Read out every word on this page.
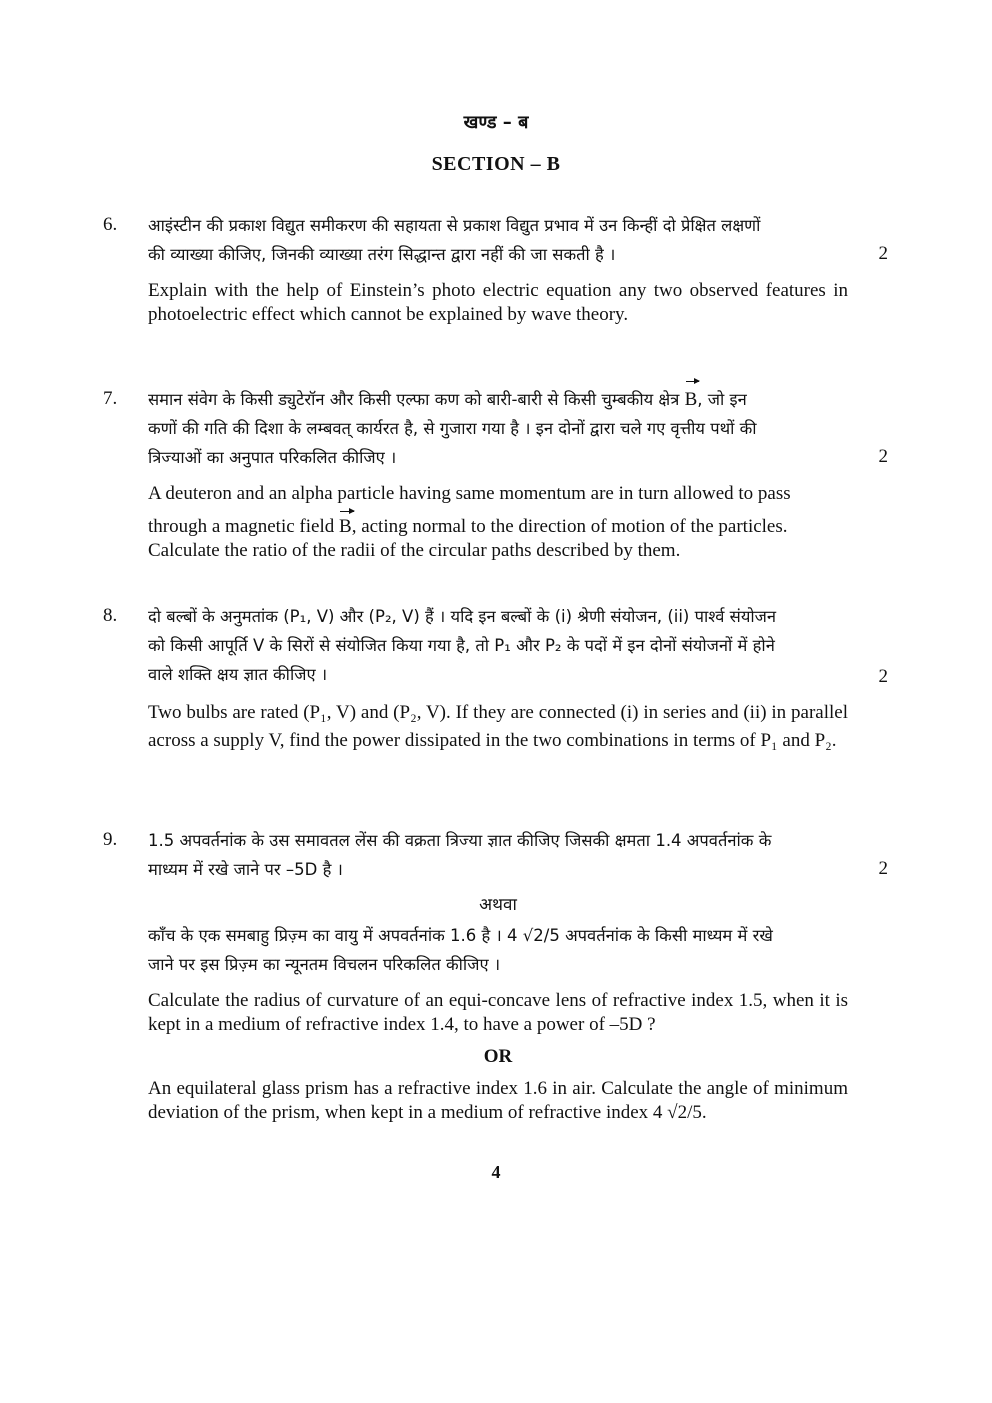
खण्ड – ब
SECTION – B
6. आइंस्टीन की प्रकाश विद्युत समीकरण की सहायता से प्रकाश विद्युत प्रभाव में उन किन्हीं दो प्रेक्षित लक्षणों

की व्याख्या कीजिए, जिनकी व्याख्या तरंग सिद्धान्त द्वारा नहीं की जा सकती है ।

Explain with the help of Einstein’s photo electric equation any two observed features in photoelectric effect which cannot be explained by wave theory.

2
7. समान संवेग के किसी ड्युटेरॉन और किसी एल्फा कण को बारी-बारी से किसी चुम्बकीय क्षेत्र B, जो इन

कणों की गति की दिशा के लम्बवत् कार्यरत है, से गुजारा गया है । इन दोनों द्वारा चले गए वृत्तीय पथों की

त्रिज्याओं का अनुपात परिकलित कीजिए ।

A deuteron and an alpha particle having same momentum are in turn allowed to pass

through a magnetic field B, acting normal to the direction of motion of the particles.

Calculate the ratio of the radii of the circular paths described by them.

2
8. दो बल्बों के अनुमतांक (P₁, V) और (P₂, V) हैं । यदि इन बल्बों के (i) श्रेणी संयोजन, (ii) पार्श्व संयोजन

को किसी आपूर्ति V के सिरों से संयोजित किया गया है, तो P₁ और P₂ के पदों में इन दोनों संयोजनों में होने

वाले शक्ति क्षय ज्ञात कीजिए ।

Two bulbs are rated (P₁, V) and (P₂, V). If they are connected (i) in series and (ii) in parallel across a supply V, find the power dissipated in the two combinations in terms of P₁ and P₂.

2
9. 1.5 अपवर्तनांक के उस समावतल लेंस की वक्रता त्रिज्या ज्ञात कीजिए जिसकी क्षमता 1.4 अपवर्तनांक के

माध्यम में रखे जाने पर –5D है ।

अथवा

काँच के एक समबाहु प्रिज़्म का वायु में अपवर्तनांक 1.6 है । 4 √2/5 अपवर्तनांक के किसी माध्यम में रखे

जाने पर इस प्रिज़्म का न्यूनतम विचलन परिकलित कीजिए ।

Calculate the radius of curvature of an equi-concave lens of refractive index 1.5, when it is kept in a medium of refractive index 1.4, to have a power of –5D ?

OR

An equilateral glass prism has a refractive index 1.6 in air. Calculate the angle of minimum deviation of the prism, when kept in a medium of refractive index 4 √2/5.

2
4
